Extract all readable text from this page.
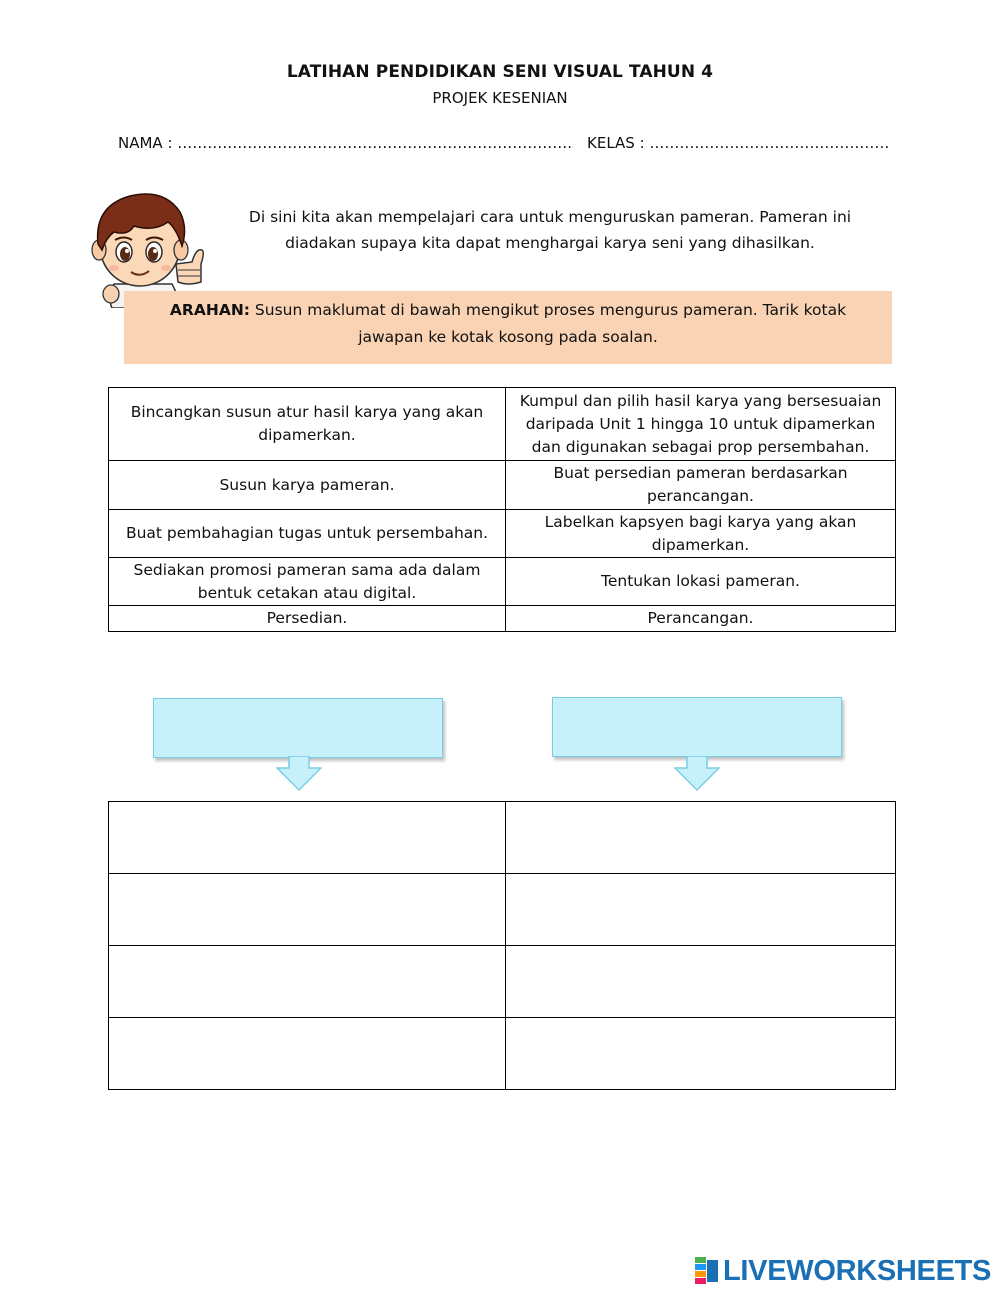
LATIHAN PENDIDIKAN SENI VISUAL TAHUN 4
PROJEK KESENIAN
NAMA : ……………………………………………………………………. KELAS : …………………………………………
Di sini kita akan mempelajari cara untuk menguruskan pameran. Pameran ini diadakan supaya kita dapat menghargai karya seni yang dihasilkan.
ARAHAN: Susun maklumat di bawah mengikut proses mengurus pameran. Tarik kotak jawapan ke kotak kosong pada soalan.
Bincangkan susun atur hasil karya yang akan dipamerkan.	Kumpul dan pilih hasil karya yang bersesuaian daripada Unit 1 hingga 10 untuk dipamerkan dan digunakan sebagai prop persembahan.
Susun karya pameran.	Buat persedian pameran berdasarkan perancangan.
Buat pembahagian tugas untuk persembahan.	Labelkan kapsyen bagi karya yang akan dipamerkan.
Sediakan promosi pameran sama ada dalam bentuk cetakan atau digital.	Tentukan lokasi pameran.
Persedian.	Perancangan.

LIVEWORKSHEETS
